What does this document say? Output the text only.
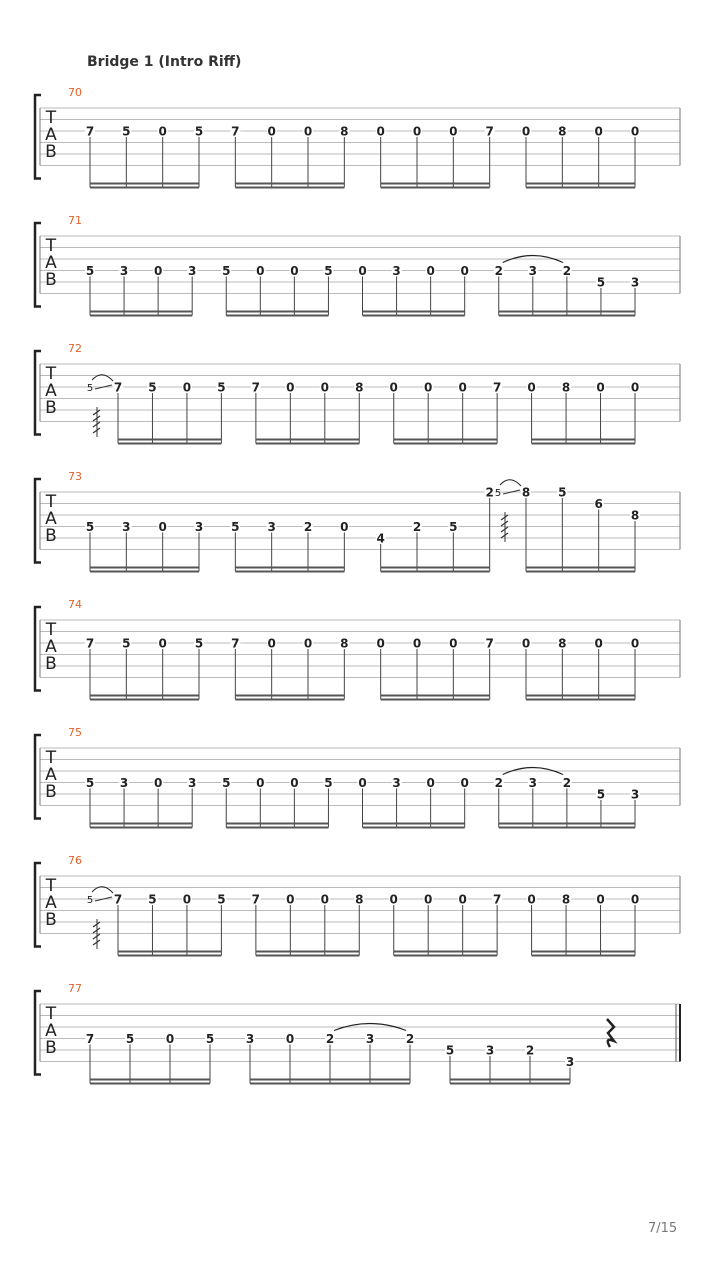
Bridge 1 (Intro Riff)
T
A
B
70
7 5 0 5 7 0 0 8 0 0 0 7 0 8 0 0
T
A
B
71
5 3 0 3 5 0 0 5 0 3 0 0 2 3 2
5 3
T
A
B
72
7 5 0 5 7 0 0 8 0 0 0 7 0 8 0 0
5
T
A
B
73
5 3 0 3 5 3 2 0
4
2 5
2 8 5
6
8
5
T
A
B
74
7 5 0 5 7 0 0 8 0 0 0 7 0 8 0 0
T
A
B
75
5 3 0 3 5 0 0 5 0 3 0 0 2 3 2
5 3
T
A
B
76
7 5 0 5 7 0 0 8 0 0 0 7 0 8 0 0
5
T
A
B
77
7	5	0	5	3	0	2	3	2
5	3	2
3
7/15
